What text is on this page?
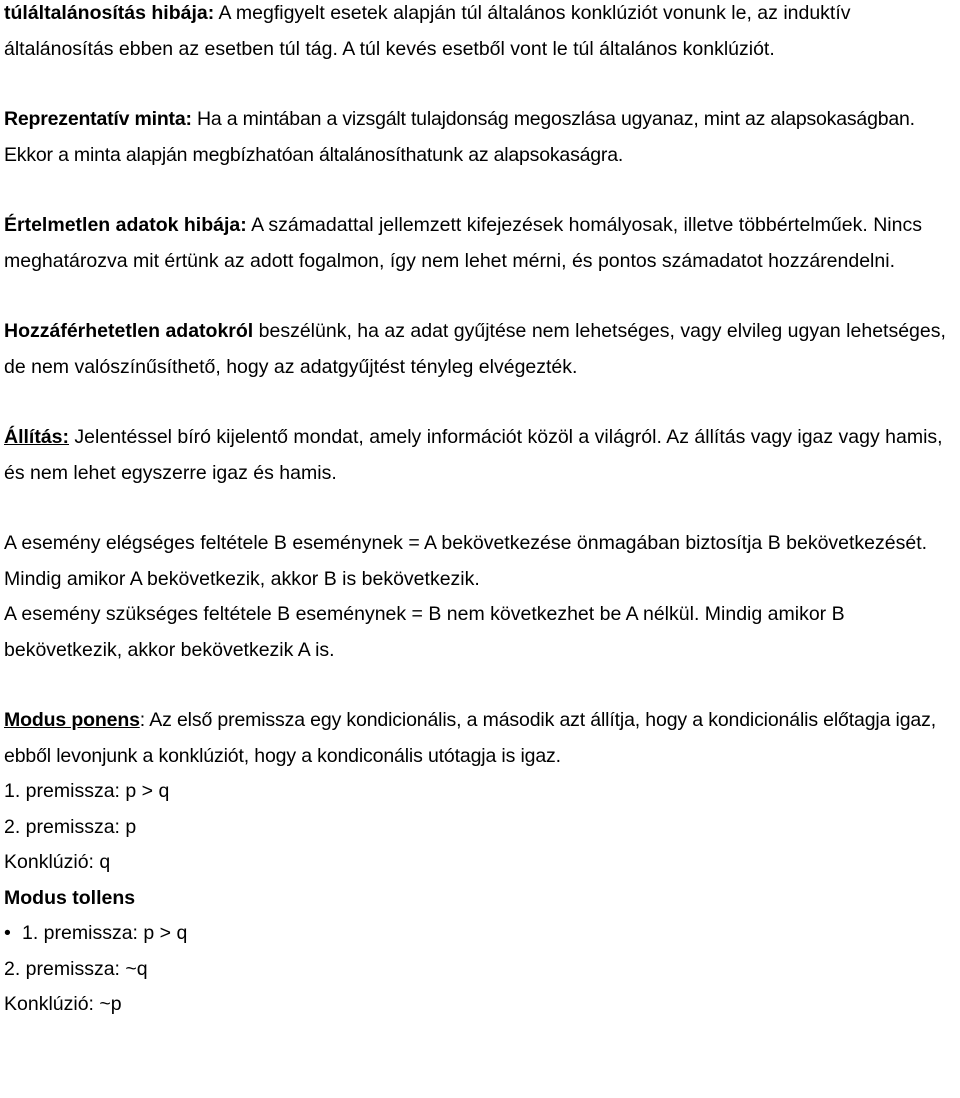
túláltalánosítás hibája: A megfigyelt esetek alapján túl általános konklúziót vonunk le, az induktív általánosítás ebben az esetben túl tág. A túl kevés esetből vont le túl általános konklúziót.

Reprezentatív minta: Ha a mintában a vizsgált tulajdonság megoszlása ugyanaz, mint az alapsokaságban. Ekkor a minta alapján megbízhatóan általánosíthatunk az alapsokaságra.

Értelmetlen adatok hibája: A számadattal jellemzett kifejezések homályosak, illetve többértelműek. Nincs meghatározva mit értünk az adott fogalmon, így nem lehet mérni, és pontos számadatot hozzárendelni.

Hozzáférhetetlen adatokról beszélünk, ha az adat gyűjtése nem lehetséges, vagy elvileg ugyan lehetséges, de nem valószínűsíthető, hogy az adatgyűjtést tényleg elvégezték.

Állítás: Jelentéssel bíró kijelentő mondat, amely információt közöl a világról. Az állítás vagy igaz vagy hamis, és nem lehet egyszerre igaz és hamis.

A esemény elégséges feltétele B eseménynek = A bekövetkezése önmagában biztosítja B bekövetkezését. Mindig amikor A bekövetkezik, akkor B is bekövetkezik.

A esemény szükséges feltétele B eseménynek = B nem következhet be A nélkül. Mindig amikor B bekövetkezik, akkor bekövetkezik A is.

Modus ponens: Az első premissza egy kondicionális, a második azt állítja, hogy a kondicionális előtagja igaz, ebből levonjunk a konklúziót, hogy a kondiconális utótagja is igaz.

1. premissza: p > q

2. premissza: p

Konklúzió: q

Modus tollens

• 1. premissza: p > q

2. premissza: ~q

Konklúzió: ~p
